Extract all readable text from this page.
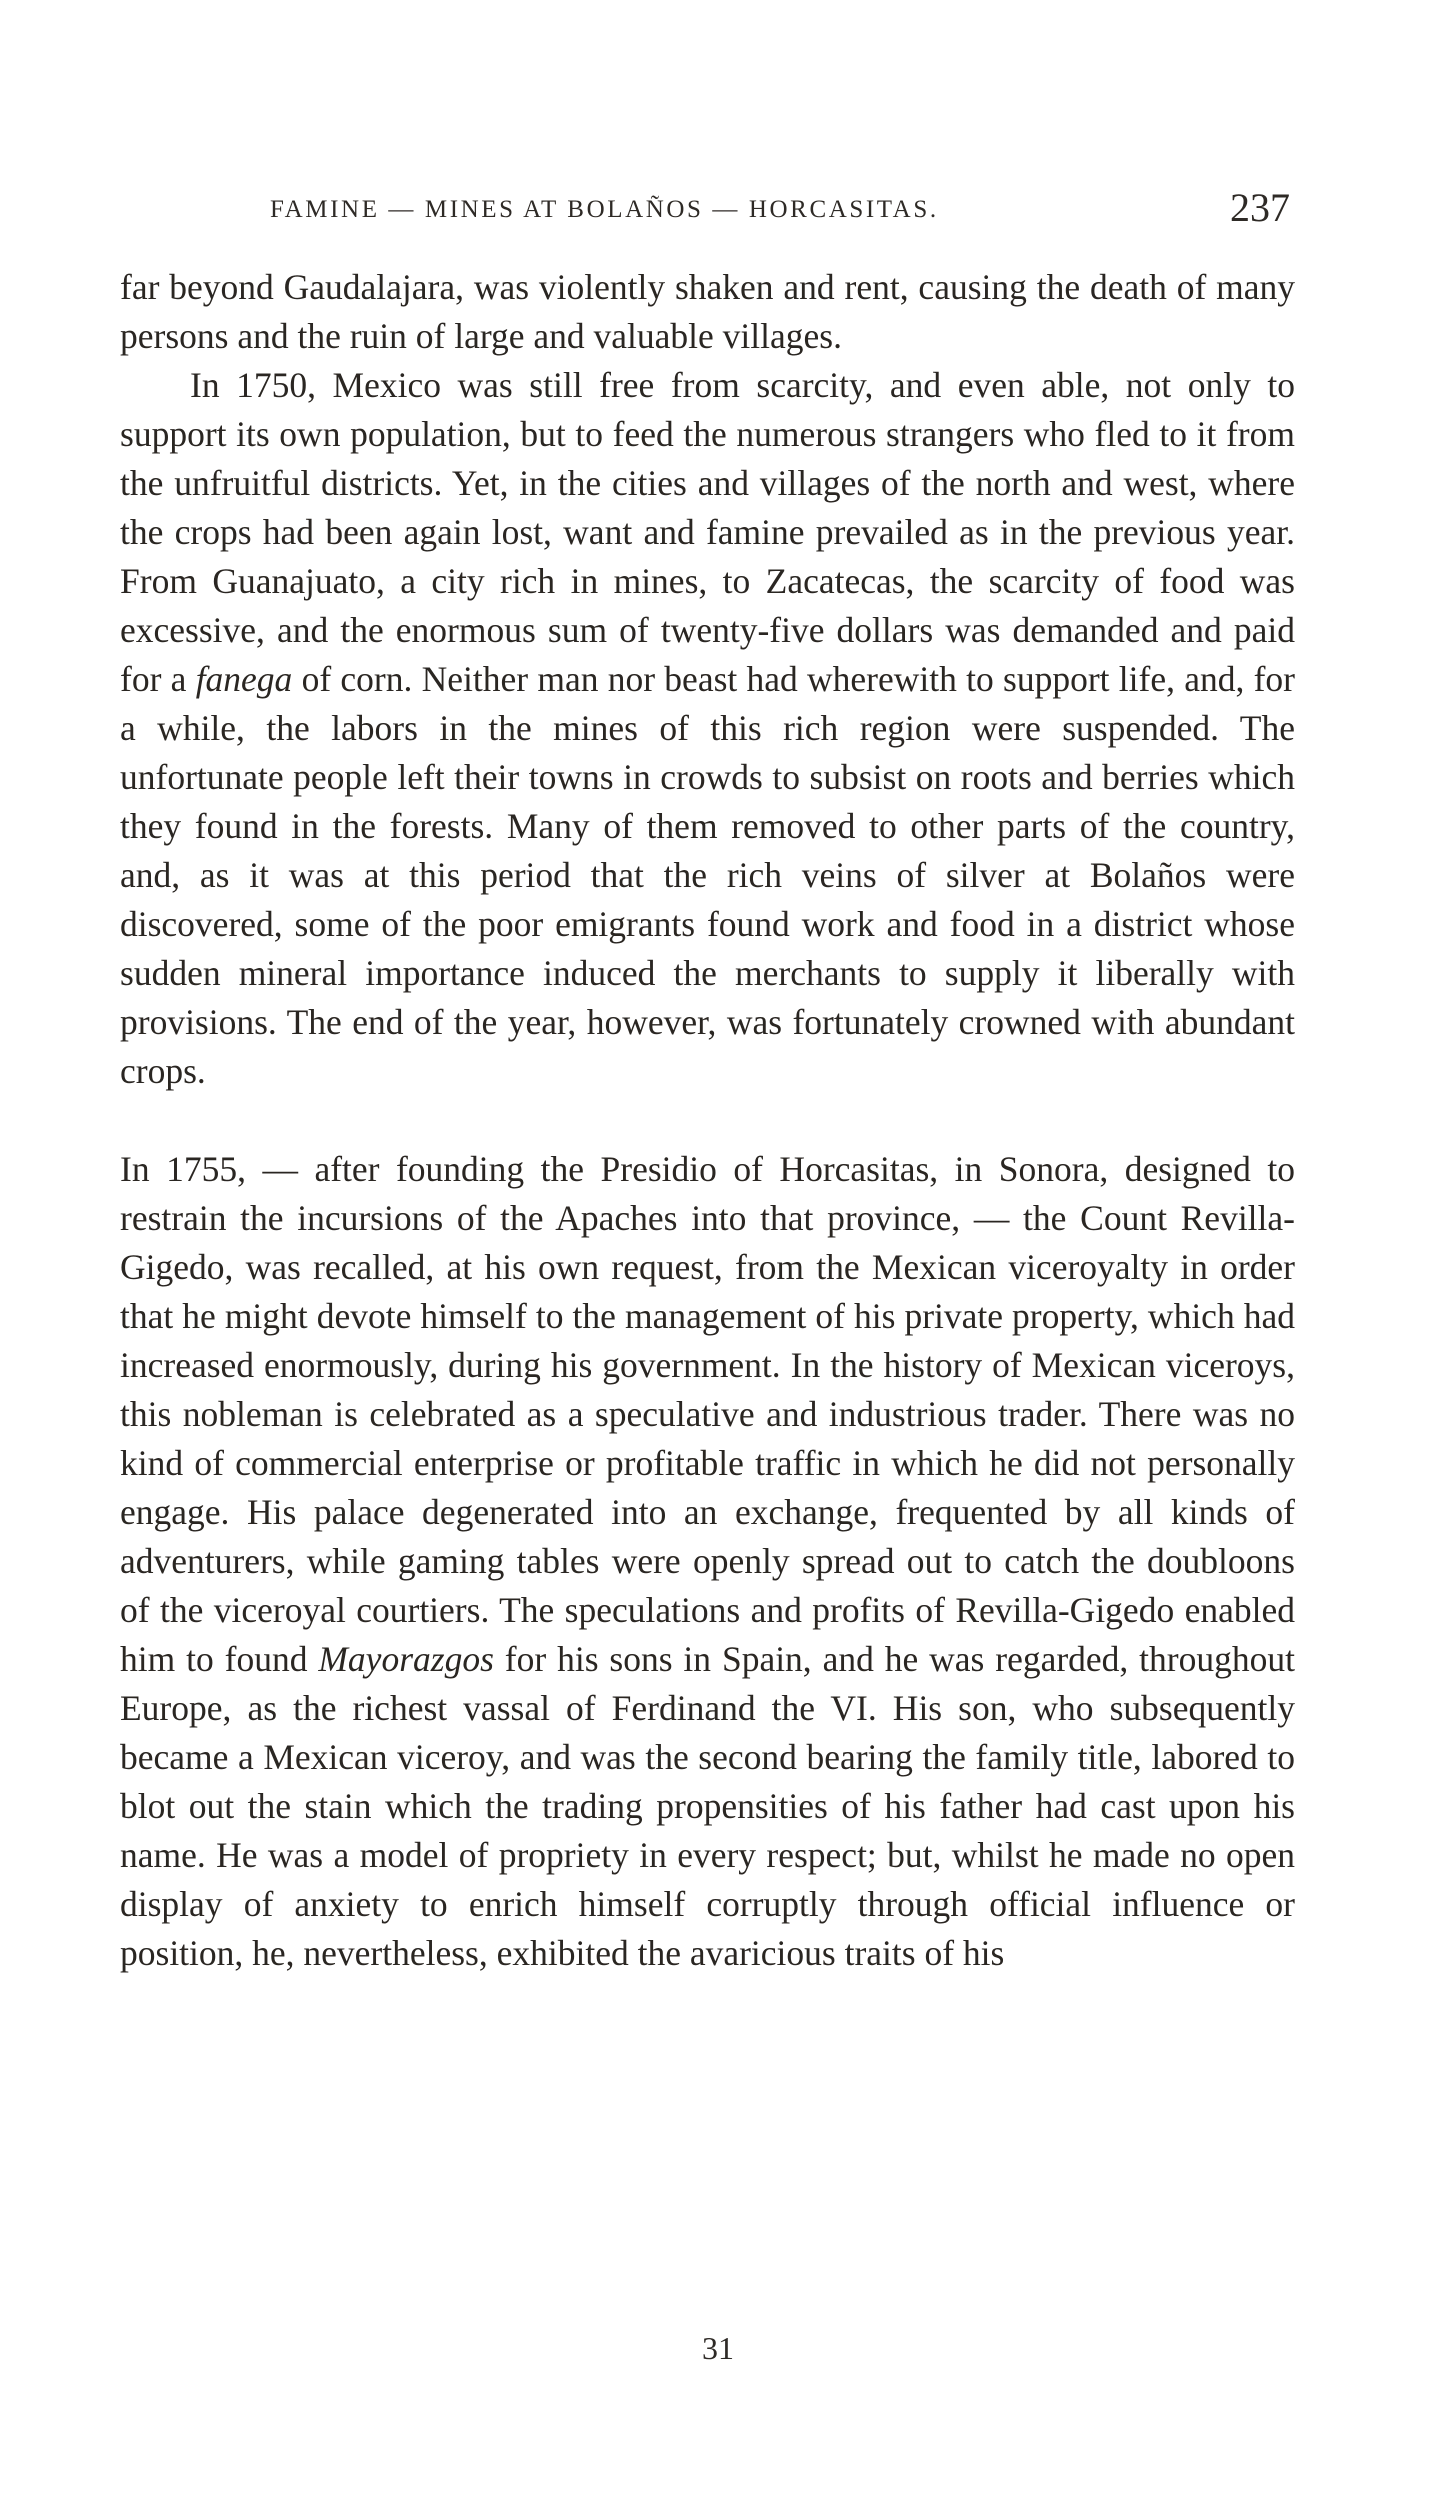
FAMINE — MINES AT BOLAÑOS — HORCASITAS.	237

far beyond Gaudalajara, was violently shaken and rent, causing the death of many persons and the ruin of large and valuable villages.

In 1750, Mexico was still free from scarcity, and even able, not only to support its own population, but to feed the numerous strangers who fled to it from the unfruitful districts. Yet, in the cities and villages of the north and west, where the crops had been again lost, want and famine prevailed as in the previous year. From Guanajuato, a city rich in mines, to Zacatecas, the scarcity of food was excessive, and the enormous sum of twenty-five dollars was demanded and paid for a fanega of corn. Neither man nor beast had wherewith to support life, and, for a while, the labors in the mines of this rich region were suspended. The unfortunate people left their towns in crowds to subsist on roots and berries which they found in the forests. Many of them removed to other parts of the country, and, as it was at this period that the rich veins of silver at Bolaños were discovered, some of the poor emigrants found work and food in a district whose sudden mineral importance induced the merchants to supply it liberally with provisions. The end of the year, however, was fortunately crowned with abundant crops.

In 1755, — after founding the Presidio of Horcasitas, in Sonora, designed to restrain the incursions of the Apaches into that province, — the Count Revilla-Gigedo, was recalled, at his own request, from the Mexican viceroyalty in order that he might devote himself to the management of his private property, which had increased enormously, during his government. In the history of Mexican viceroys, this nobleman is celebrated as a speculative and industrious trader. There was no kind of commercial enterprise or profitable traffic in which he did not personally engage. His palace degenerated into an exchange, frequented by all kinds of adventurers, while gaming tables were openly spread out to catch the doubloons of the viceroyal courtiers. The speculations and profits of Revilla-Gigedo enabled him to found Mayorazgos for his sons in Spain, and he was regarded, throughout Europe, as the richest vassal of Ferdinand the VI. His son, who subsequently became a Mexican viceroy, and was the second bearing the family title, labored to blot out the stain which the trading propensities of his father had cast upon his name. He was a model of propriety in every respect; but, whilst he made no open display of anxiety to enrich himself corruptly through official influence or position, he, nevertheless, exhibited the avaricious traits of his

31
